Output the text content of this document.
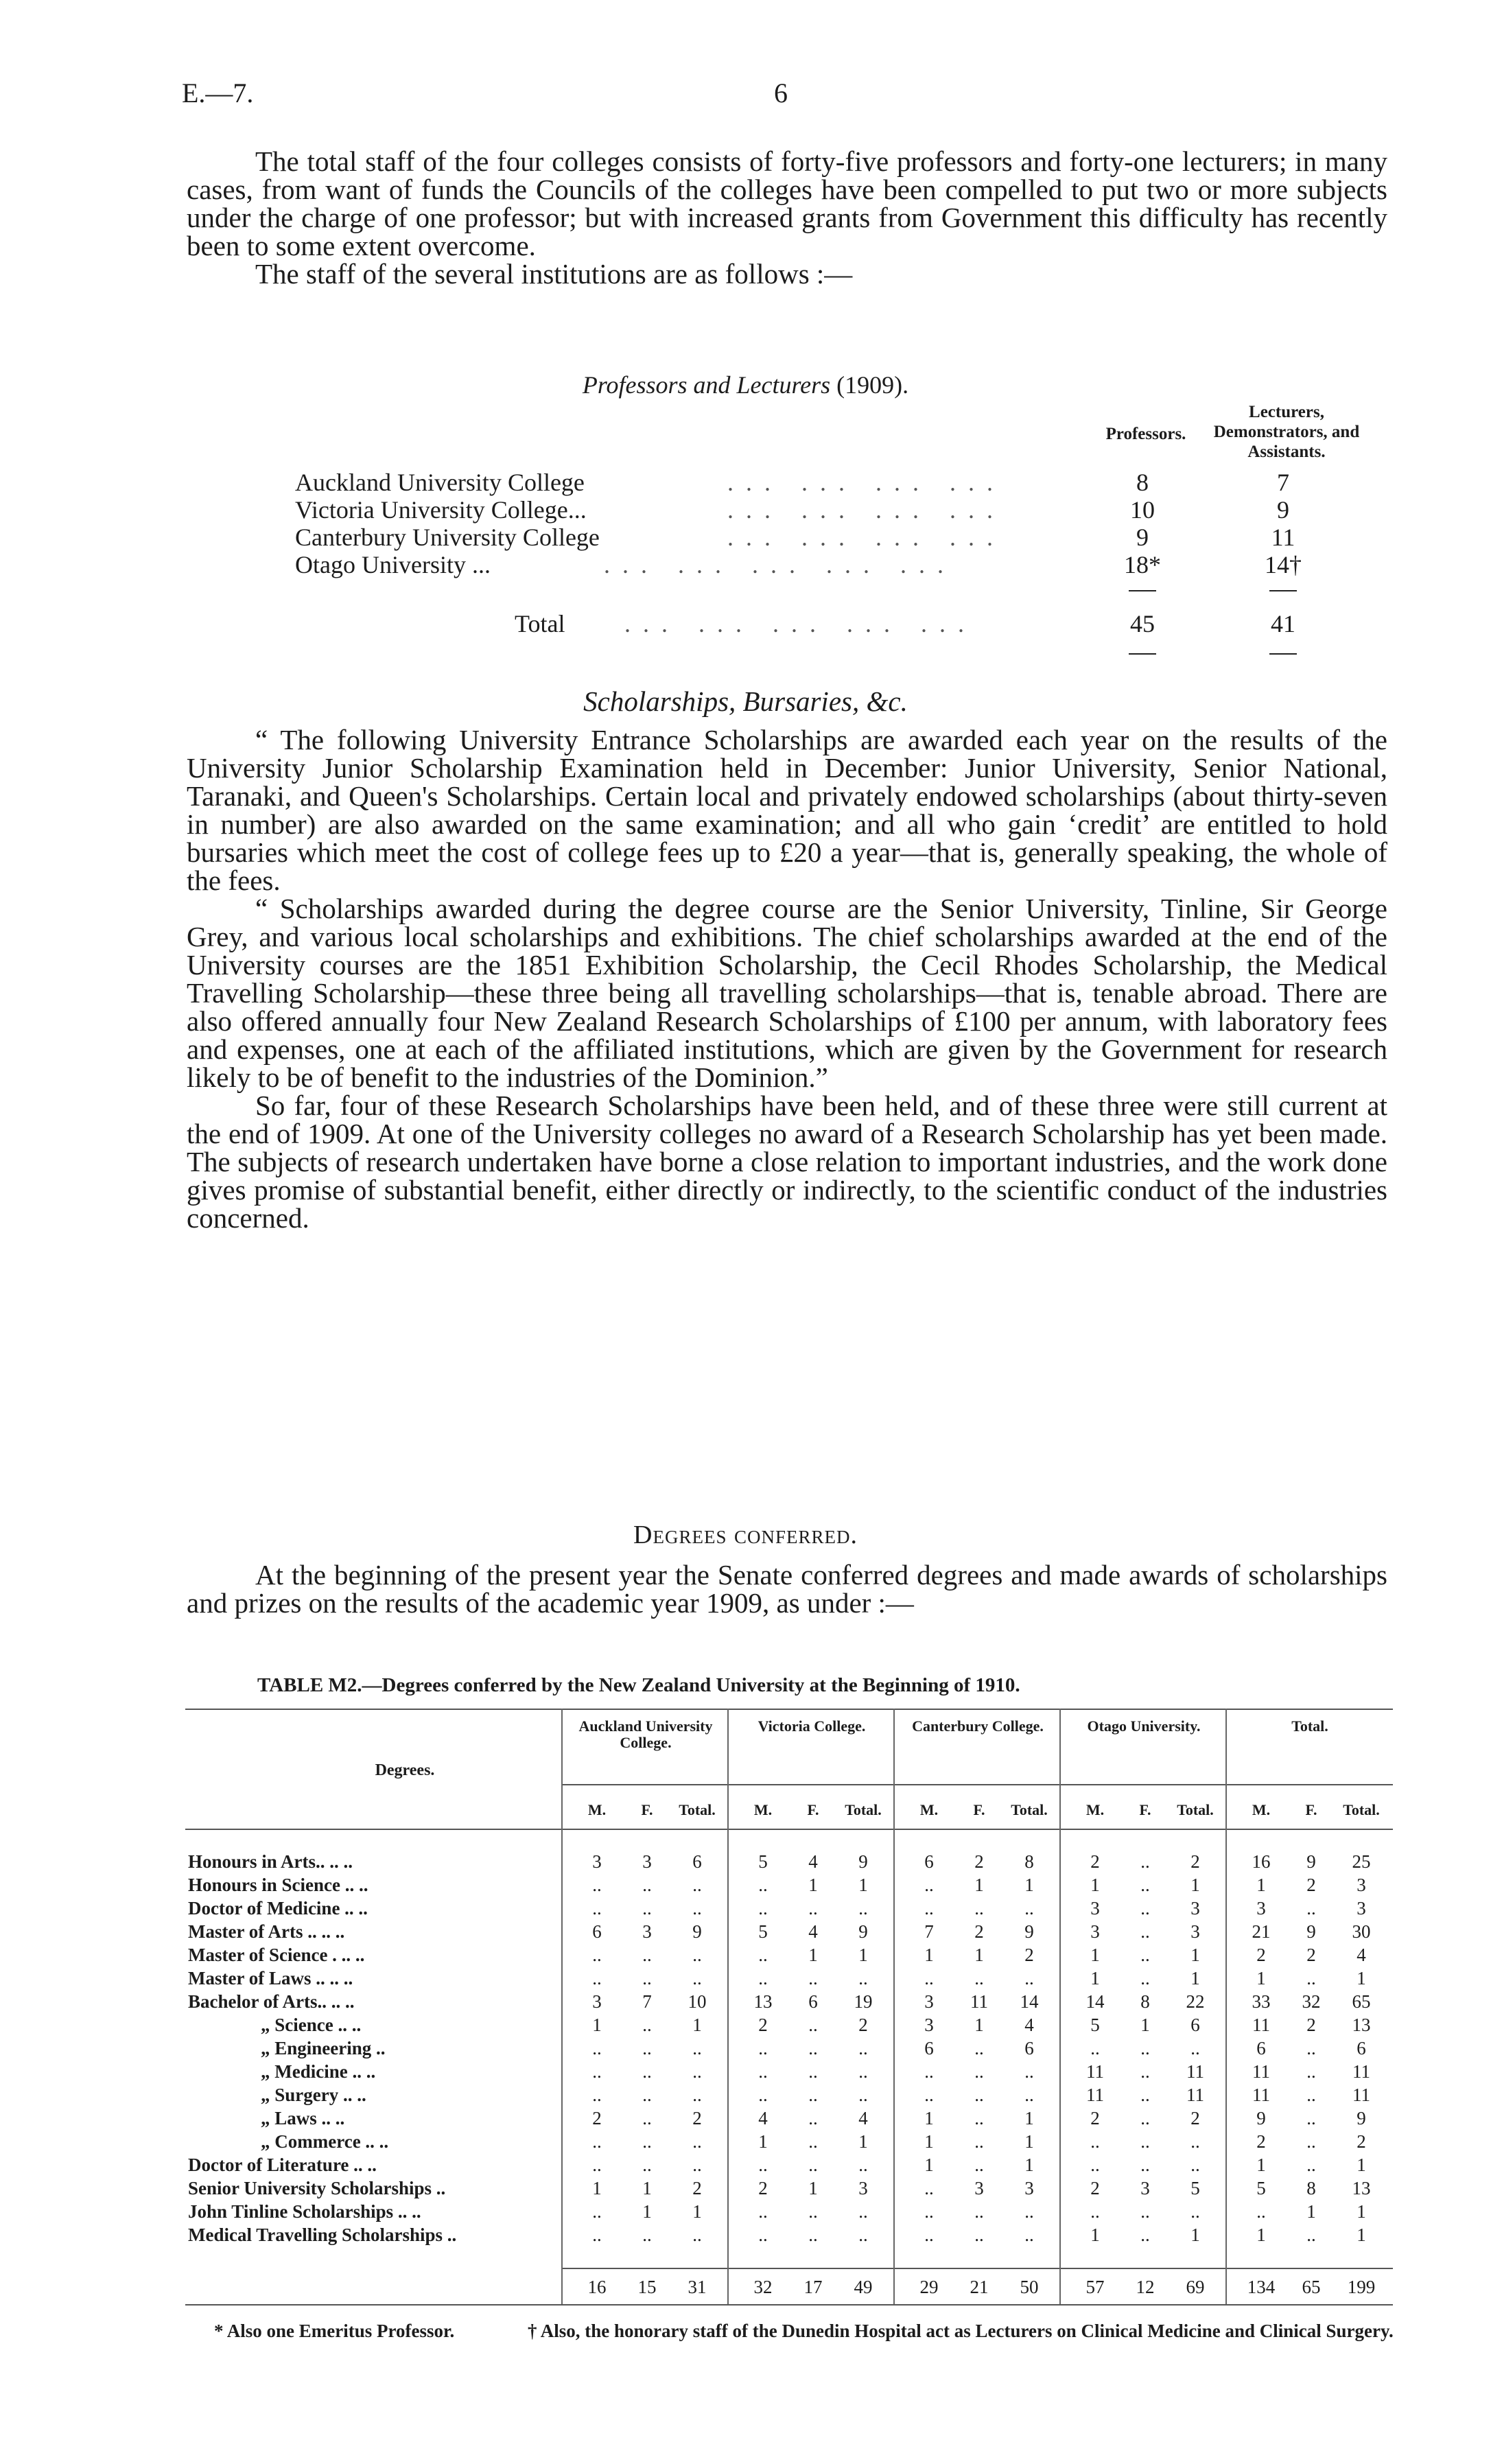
E.—7.	6

The total staff of the four colleges consists of forty-five professors and forty-one lecturers; in many cases, from want of funds the Councils of the colleges have been compelled to put two or more subjects under the charge of one professor; but with increased grants from Government this difficulty has recently been to some extent overcome.

The staff of the several institutions are as follows :—

Professors and Lecturers (1909).
Professors.
Lecturers, Demonstrators, and Assistants.
Auckland University College	... ... ... ...	8	7
Victoria University College...	... ... ... ...	10	9
Canterbury University College	... ... ... ...	9	11
Otago University ...	... ... ... ... ...	18*	14†
Total ... ... ... ... ...	45	41
Scholarships, Bursaries, &c.

“ The following University Entrance Scholarships are awarded each year on the results of the University Junior Scholarship Examination held in December: Junior University, Senior National, Taranaki, and Queen's Scholarships. Certain local and privately endowed scholarships (about thirty-seven in number) are also awarded on the same examination; and all who gain ‘credit’ are entitled to hold bursaries which meet the cost of college fees up to £20 a year—that is, generally speaking, the whole of the fees.

“ Scholarships awarded during the degree course are the Senior University, Tinline, Sir George Grey, and various local scholarships and exhibitions. The chief scholarships awarded at the end of the University courses are the 1851 Exhibition Scholarship, the Cecil Rhodes Scholarship, the Medical Travelling Scholarship—these three being all travelling scholarships—that is, tenable abroad. There are also offered annually four New Zealand Research Scholarships of £100 per annum, with laboratory fees and expenses, one at each of the affiliated institutions, which are given by the Government for research likely to be of benefit to the industries of the Dominion.”

So far, four of these Research Scholarships have been held, and of these three were still current at the end of 1909. At one of the University colleges no award of a Research Scholarship has yet been made. The subjects of research undertaken have borne a close relation to important industries, and the work done gives promise of substantial benefit, either directly or indirectly, to the scientific conduct of the industries concerned.

Degrees conferred.

At the beginning of the present year the Senate conferred degrees and made awards of scholarships and prizes on the results of the academic year 1909, as under :—

TABLE M2.—Degrees conferred by the New Zealand University at the Beginning of 1910.
Degrees.
Auckland University College.
Victoria College.	Canterbury College.	Otago University.	Total.
M.	F.	Total.	M.	F.	Total.	M.	F.	Total.	M.	F.	Total.	M.	F.	Total.
Honours in Arts.. .. ..	3	3	6	5	4	9	6	2	8	2	..	2	16	9	25
Honours in Science .. ..	..	..	..	..	1	1	..	1	1	1	..	1	1	2	3
Doctor of Medicine .. ..	..	..	..	..	..	..	..	..	..	3	..	3	3	..	3
Master of Arts .. .. ..	6	3	9	5	4	9	7	2	9	3	..	3	21	9	30
Master of Science . .. ..	..	..	..	..	1	1	1	1	2	1	..	1	2	2	4
Master of Laws .. .. ..	..	..	..	..	..	..	..	..	..	1	..	1	1	..	1
Bachelor of Arts.. .. ..	3	7	10	13	6	19	3	11	14	14	8	22	33	32	65
„ Science .. ..	1	..	1	2	..	2	3	1	4	5	1	6	11	2	13
„ Engineering ..	..	..	..	..	..	..	6	..	6	..	..	..	6	..	6
„ Medicine .. ..	..	..	..	..	..	..	..	..	..	11	..	11	11	..	11
„ Surgery .. ..	..	..	..	..	..	..	..	..	..	11	..	11	11	..	11
„ Laws .. ..	2	..	2	4	..	4	1	..	1	2	..	2	9	..	9
„ Commerce .. ..	..	..	..	1	..	1	1	..	1	..	..	..	2	..	2
Doctor of Literature .. ..	..	..	..	..	..	..	1	..	1	..	..	..	1	..	1
Senior University Scholarships ..	1	1	2	2	1	3	..	3	3	2	3	5	5	8	13
John Tinline Scholarships .. ..	..	1	1	..	..	..	..	..	..	..	..	..	..	1	1
Medical Travelling Scholarships ..	..	..	..	..	..	..	..	..	..	1	..	1	1	..	1
16	15	31	32	17	49	29	21	50	57	12	69	134	65	199
* Also one Emeritus Professor.	† Also, the honorary staff of the Dunedin Hospital act as Lecturers on Clinical Medicine and Clinical Surgery.
